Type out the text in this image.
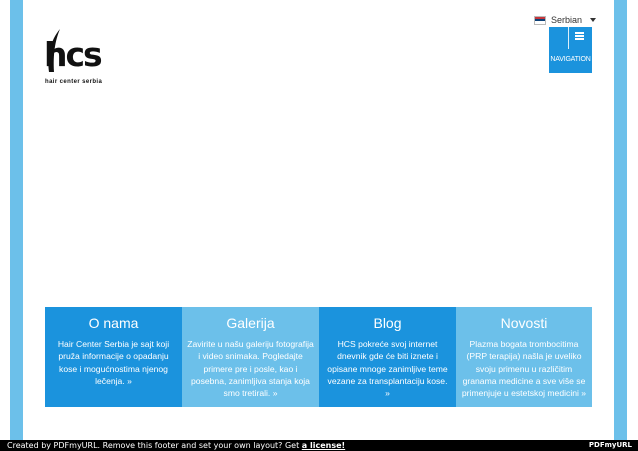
Serbian
NAVIGATION
hcs
hair center serbia
O nama

Hair Center Serbia je sajt koji pruža informacije o opadanju kose i mogućnostima njenog lečenja. »

Galerija

Zavirite u našu galeriju fotografija i video snimaka. Pogledajte primere pre i posle, kao i posebna, zanimljiva stanja koja smo tretirali. »

Blog

HCS pokreće svoj internet dnevnik gde će biti iznete i opisane mnoge zanimljive teme vezane za transplantaciju kose. »

Novosti

Plazma bogata trombocitima (PRP terapija) našla je uveliko svoju primenu u različitim granama medicine a sve više se primenjuje u estetskoj medicini »

Created by PDFmyURL. Remove this footer and set your own layout? Get a license!	PDFmyURL
